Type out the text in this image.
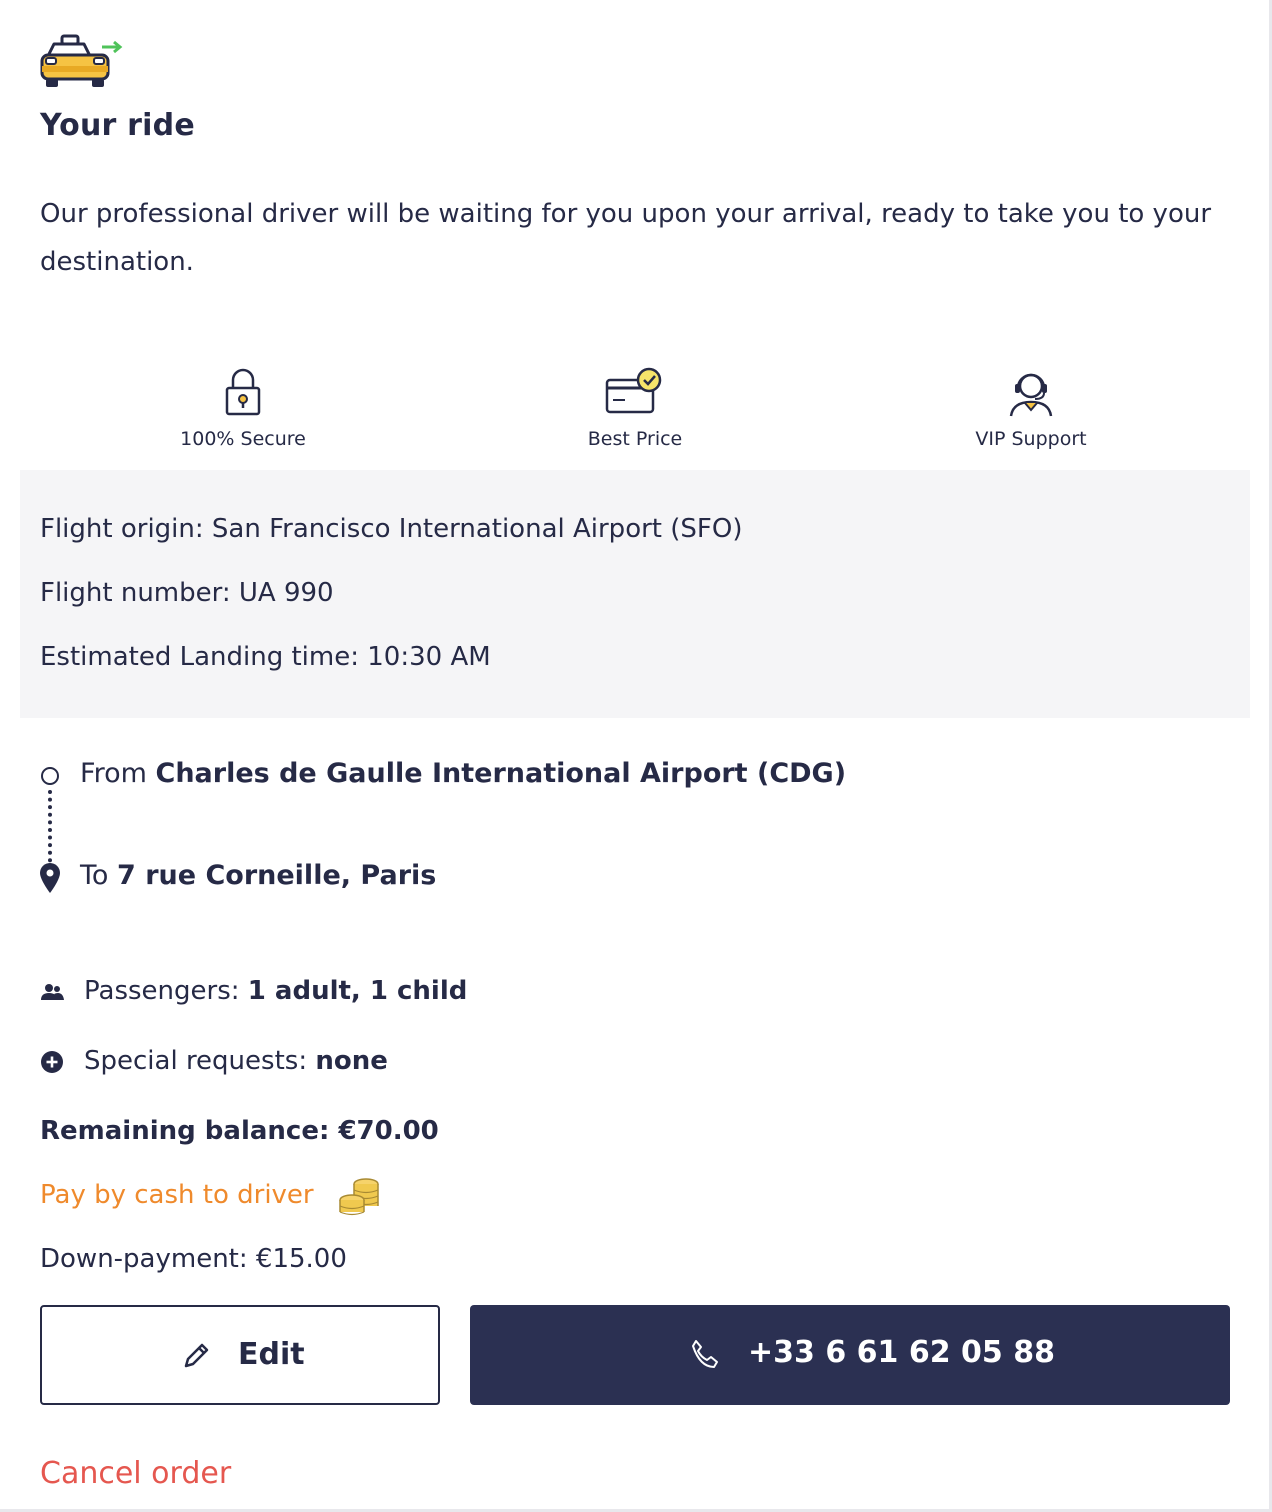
Your ride
Our professional driver will be waiting for you upon your arrival, ready to take you to your destination.
100% Secure	Best Price	VIP Support
Flight origin: San Francisco International Airport (SFO)
Flight number: UA 990
Estimated Landing time: 10:30 AM
From Charles de Gaulle International Airport (CDG)
To 7 rue Corneille, Paris
Passengers: 1 adult, 1 child
Special requests: none
Remaining balance: €70.00
Pay by cash to driver
Down-payment: €15.00
Edit	+33 6 61 62 05 88
Cancel order
